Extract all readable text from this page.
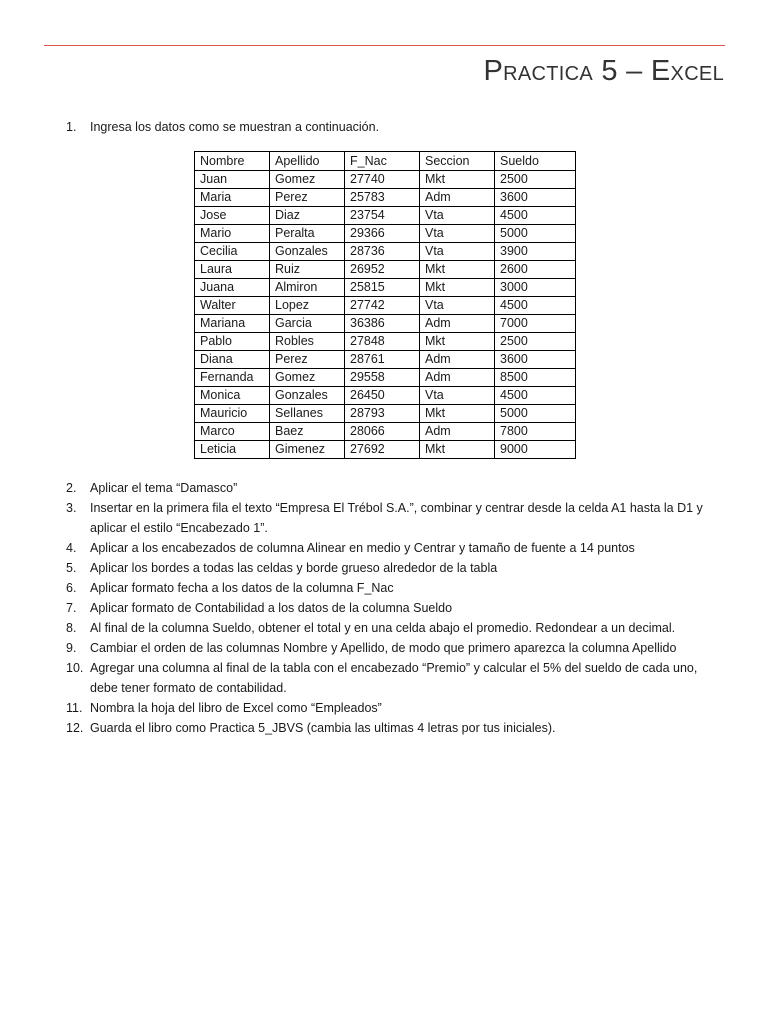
Practica 5 – Excel
1.	Ingresa los datos como se muestran a continuación.
Nombre	Apellido	F_Nac	Seccion	Sueldo
Juan	Gomez	27740	Mkt	2500
Maria	Perez	25783	Adm	3600
Jose	Diaz	23754	Vta	4500
Mario	Peralta	29366	Vta	5000
Cecilia	Gonzales	28736	Vta	3900
Laura	Ruiz	26952	Mkt	2600
Juana	Almiron	25815	Mkt	3000
Walter	Lopez	27742	Vta	4500
Mariana	Garcia	36386	Adm	7000
Pablo	Robles	27848	Mkt	2500
Diana	Perez	28761	Adm	3600
Fernanda	Gomez	29558	Adm	8500
Monica	Gonzales	26450	Vta	4500
Mauricio	Sellanes	28793	Mkt	5000
Marco	Baez	28066	Adm	7800
Leticia	Gimenez	27692	Mkt	9000
2.	Aplicar el tema “Damasco”
3.	Insertar en la primera fila el texto “Empresa El Trébol S.A.”, combinar y centrar desde la celda A1 hasta la D1 y aplicar el estilo “Encabezado 1”.
4.	Aplicar a los encabezados de columna Alinear en medio y Centrar y tamaño de fuente a 14 puntos
5.	Aplicar los bordes a todas las celdas y borde grueso alrededor de la tabla
6.	Aplicar formato fecha a los datos de la columna F_Nac
7.	Aplicar formato de Contabilidad a los datos de la columna Sueldo
8.	Al final de la columna Sueldo, obtener el total y en una celda abajo el promedio. Redondear a un decimal.
9.	Cambiar el orden de las columnas Nombre y Apellido, de modo que primero aparezca la columna Apellido
10. Agregar una columna al final de la tabla con el encabezado “Premio” y calcular el 5% del sueldo de cada uno, debe tener formato de contabilidad.
11. Nombra la hoja del libro de Excel como “Empleados”
12. Guarda el libro como Practica 5_JBVS (cambia las ultimas 4 letras por tus iniciales).
